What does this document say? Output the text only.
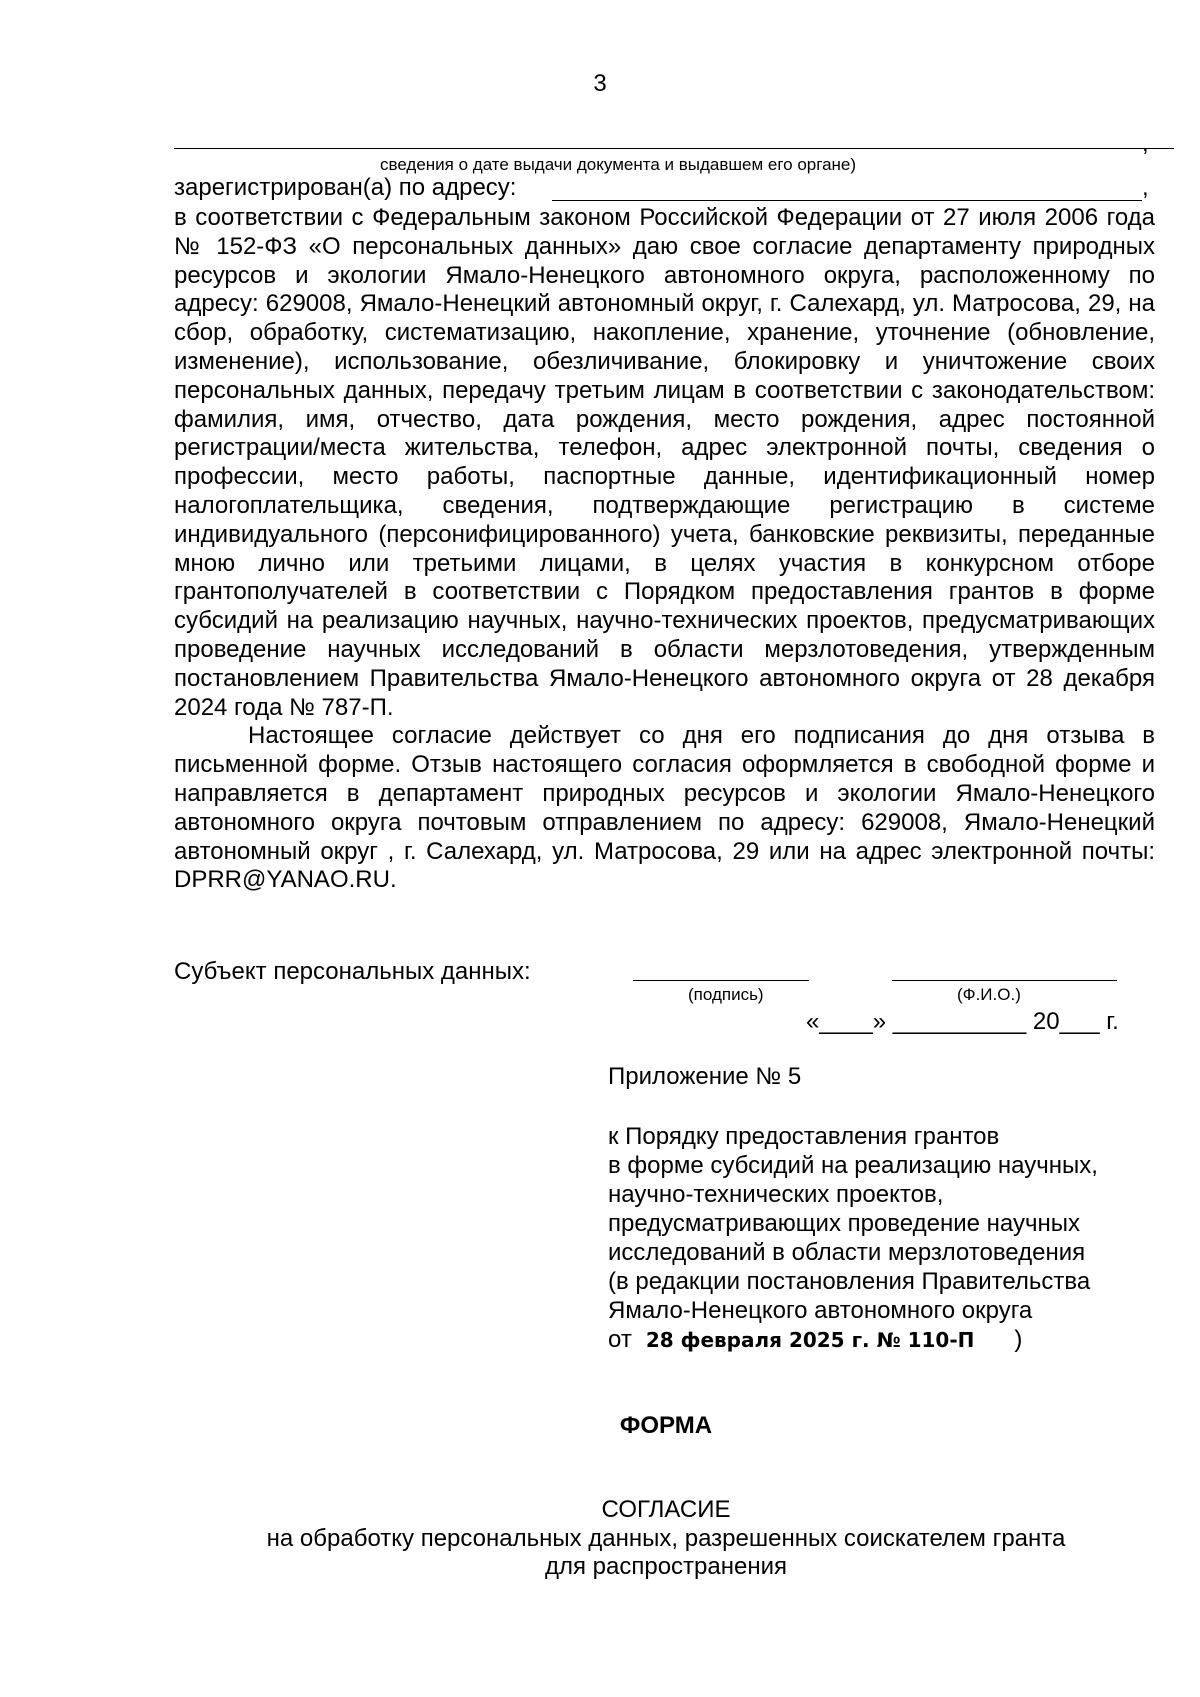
3
,
сведения о дате выдачи документа и выдавшем его органе)
зарегистрирован(а) по адресу:	,

в соответствии с Федеральным законом Российской Федерации от 27 июля 2006 года № 152-ФЗ «О персональных данных» даю свое согласие департаменту природных ресурсов и экологии Ямало-Ненецкого автономного округа, расположенному по адресу: 629008, Ямало-Ненецкий автономный округ, г. Салехард, ул. Матросова, 29, на сбор, обработку, систематизацию, накопление, хранение, уточнение (обновление, изменение), использование, обезличивание, блокировку и уничтожение своих персональных данных, передачу третьим лицам в соответствии с законодательством: фамилия, имя, отчество, дата рождения, место рождения, адрес постоянной регистрации/места жительства, телефон, адрес электронной почты, сведения о профессии, место работы, паспортные данные, идентификационный номер налогоплательщика, сведения, подтверждающие регистрацию в системе индивидуального (персонифицированного) учета, банковские реквизиты, переданные мною лично или третьими лицами, в целях участия в конкурсном отборе грантополучателей в соответствии с Порядком предоставления грантов в форме субсидий на реализацию научных, научно-технических проектов, предусматривающих проведение научных исследований в области мерзлотоведения, утвержденным постановлением Правительства Ямало-Ненецкого автономного округа от 28 декабря 2024 года № 787-П.

Настоящее согласие действует со дня его подписания до дня отзыва в письменной форме. Отзыв настоящего согласия оформляется в свободной форме и направляется в департамент природных ресурсов и экологии Ямало-Ненецкого автономного округа почтовым отправлением по адресу: 629008, Ямало-Ненецкий автономный округ , г. Салехард, ул. Матросова, 29 или на адрес электронной почты: DPRR@YANAO.RU.

Субъект персональных данных:
(подпись)	(Ф.И.О.)
«____» __________ 20___ г.
Приложение № 5
к Порядку предоставления грантов
в форме субсидий на реализацию научных,
научно-технических проектов,
предусматривающих проведение научных
исследований в области мерзлотоведения
(в редакции постановления Правительства
Ямало-Ненецкого автономного округа
от 28 февраля 2025 г. № 110-П )
ФОРМА
СОГЛАСИЕ
на обработку персональных данных, разрешенных соискателем гранта
для распространения
